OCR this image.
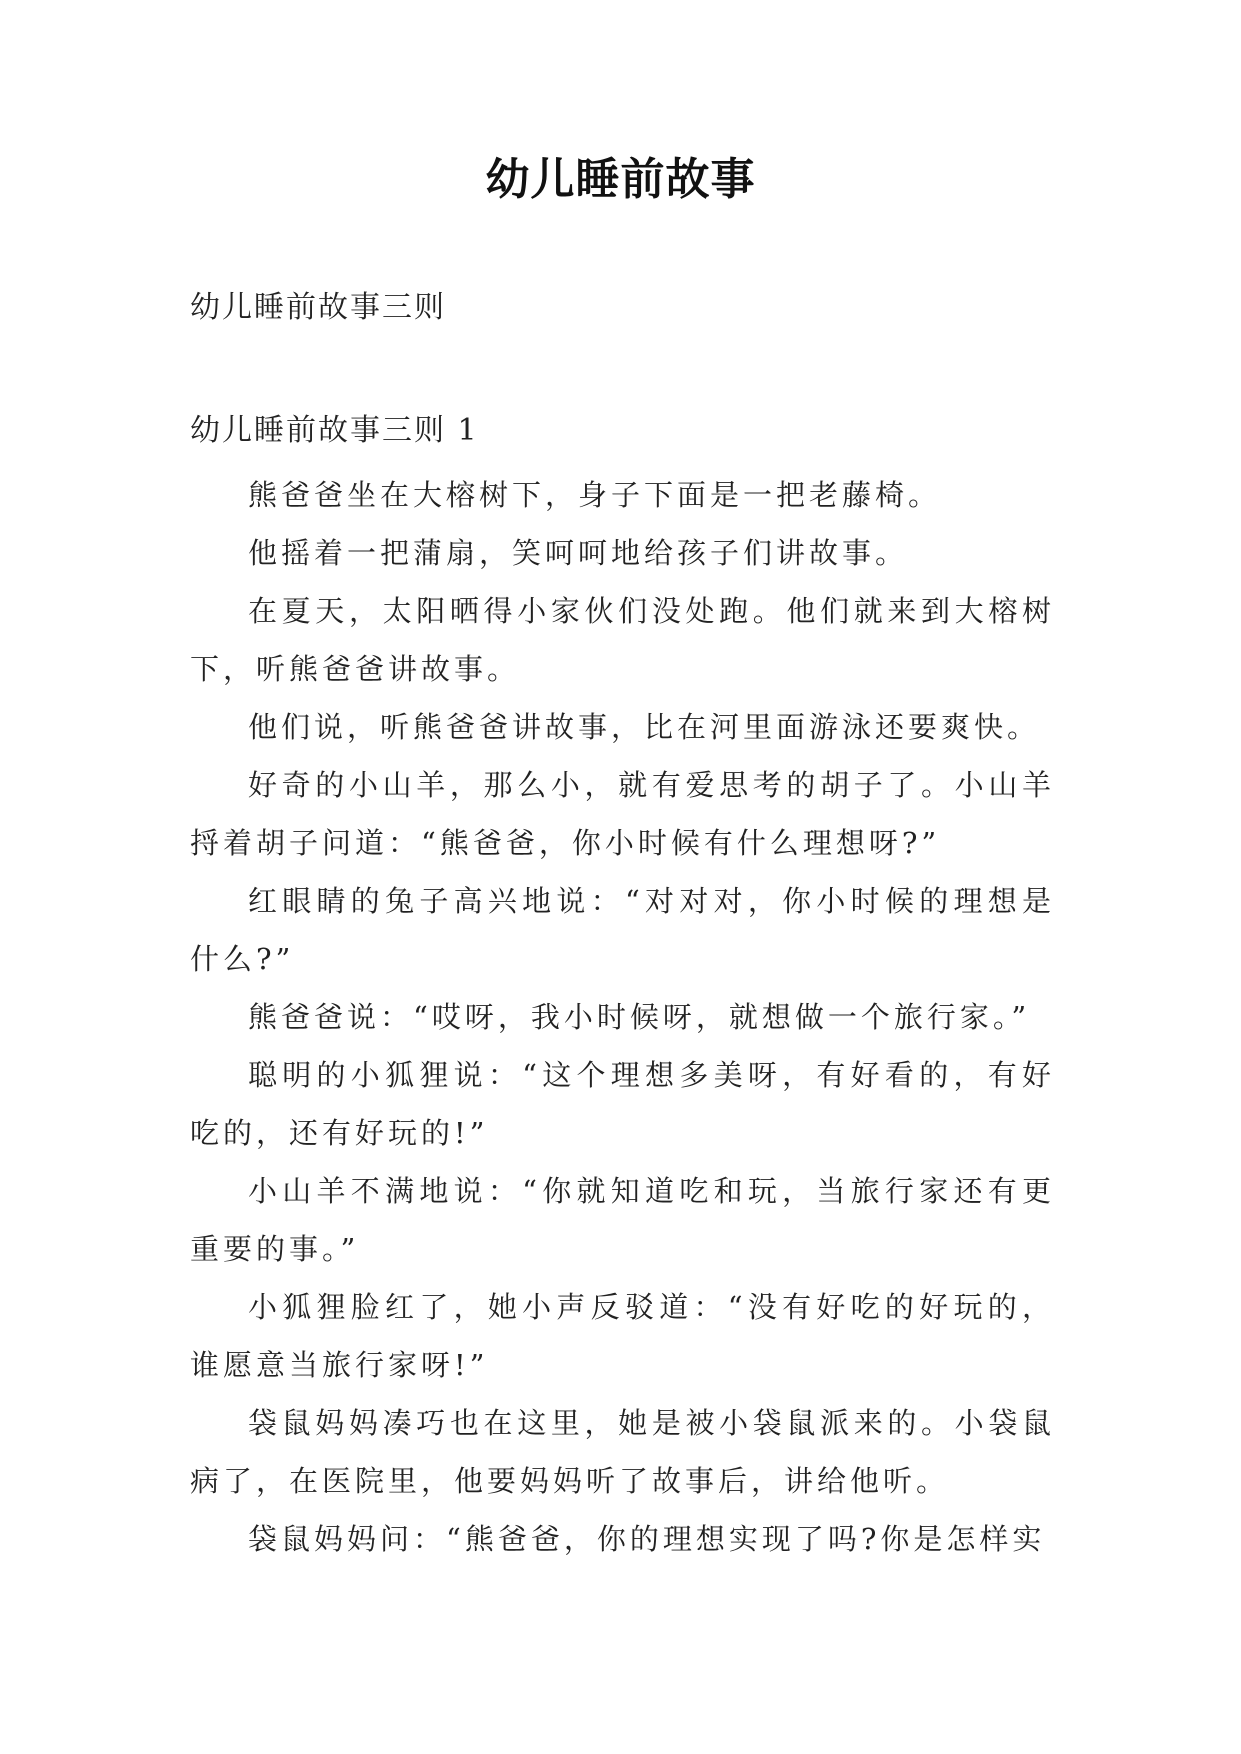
幼儿睡前故事
幼儿睡前故事三则
幼儿睡前故事三则 1

熊爸爸坐在大榕树下，身子下面是一把老藤椅。

他摇着一把蒲扇，笑呵呵地给孩子们讲故事。

在夏天，太阳晒得小家伙们没处跑。他们就来到大榕树下，听熊爸爸讲故事。

他们说，听熊爸爸讲故事，比在河里面游泳还要爽快。

好奇的小山羊，那么小，就有爱思考的胡子了。小山羊捋着胡子问道：“熊爸爸，你小时候有什么理想呀?”

红眼睛的兔子高兴地说：“对对对，你小时候的理想是什么?”

熊爸爸说：“哎呀，我小时候呀，就想做一个旅行家。”

聪明的小狐狸说：“这个理想多美呀，有好看的，有好吃的，还有好玩的!”

小山羊不满地说：“你就知道吃和玩，当旅行家还有更重要的事。”

小狐狸脸红了，她小声反驳道：“没有好吃的好玩的，谁愿意当旅行家呀!”

袋鼠妈妈凑巧也在这里，她是被小袋鼠派来的。小袋鼠病了，在医院里，他要妈妈听了故事后，讲给他听。

袋鼠妈妈问：“熊爸爸，你的理想实现了吗?你是怎样实
